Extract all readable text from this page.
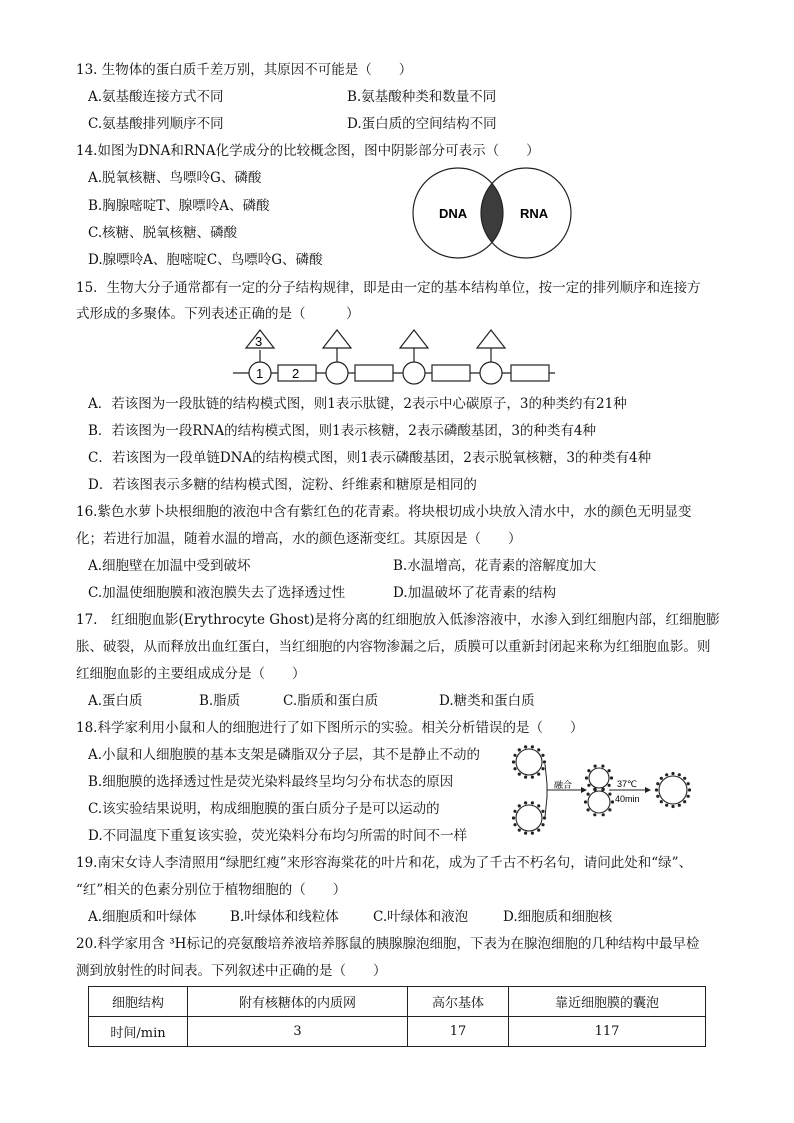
13. 生物体的蛋白质千差万别，其原因不可能是（　　）
A.氨基酸连接方式不同	B.氨基酸种类和数量不同
C.氨基酸排列顺序不同	D.蛋白质的空间结构不同
14.如图为DNA和RNA化学成分的比较概念图，图中阴影部分可表示（　　）
A.脱氧核糖、鸟嘌呤G、磷酸
B.胸腺嘧啶T、腺嘌呤A、磷酸
C.核糖、脱氧核糖、磷酸
D.腺嘌呤A、胞嘧啶C、鸟嘌呤G、磷酸
DNA	RNA
15．生物大分子通常都有一定的分子结构规律，即是由一定的基本结构单位，按一定的排列顺序和连接方
式形成的多聚体。下列表述正确的是（　　　）
3
1 2
A．若该图为一段肽链的结构模式图，则1表示肽键，2表示中心碳原子，3的种类约有21种
B．若该图为一段RNA的结构模式图，则1表示核糖，2表示磷酸基团，3的种类有4种
C．若该图为一段单链DNA的结构模式图，则1表示磷酸基团，2表示脱氧核糖，3的种类有4种
D．若该图表示多糖的结构模式图，淀粉、纤维素和糖原是相同的
16.紫色水萝卜块根细胞的液泡中含有紫红色的花青素。将块根切成小块放入清水中，水的颜色无明显变
化；若进行加温，随着水温的增高，水的颜色逐渐变红。其原因是（　　）
A.细胞壁在加温中受到破坏	B.水温增高，花青素的溶解度加大
C.加温使细胞膜和液泡膜失去了选择透过性	D.加温破坏了花青素的结构
17.　红细胞血影(Erythrocyte Ghost)是将分离的红细胞放入低渗溶液中，水渗入到红细胞内部，红细胞膨
胀、破裂，从而释放出血红蛋白，当红细胞的内容物渗漏之后，质膜可以重新封闭起来称为红细胞血影。则
红细胞血影的主要组成成分是（　　）
A.蛋白质	B.脂质	C.脂质和蛋白质	D.糖类和蛋白质
18.科学家利用小鼠和人的细胞进行了如下图所示的实验。相关分析错误的是（　　）
A.小鼠和人细胞膜的基本支架是磷脂双分子层，其不是静止不动的
B.细胞膜的选择透过性是荧光染料最终呈均匀分布状态的原因
C.该实验结果说明，构成细胞膜的蛋白质分子是可以运动的
D.不同温度下重复该实验，荧光染料分布均匀所需的时间不一样
融合	37℃
40min
19.南宋女诗人李清照用“绿肥红瘦”来形容海棠花的叶片和花，成为了千古不朽名句，请问此处和“绿”、
“红”相关的色素分别位于植物细胞的（　　）
A.细胞质和叶绿体 B.叶绿体和线粒体	C.叶绿体和液泡	D.细胞质和细胞核
20.科学家用含 ³H标记的亮氨酸培养液培养豚鼠的胰腺腺泡细胞，下表为在腺泡细胞的几种结构中最早检
测到放射性的时间表。下列叙述中正确的是（　　）
细胞结构	附有核糖体的内质网	高尔基体	靠近细胞膜的囊泡
时间/min	3	17	117
